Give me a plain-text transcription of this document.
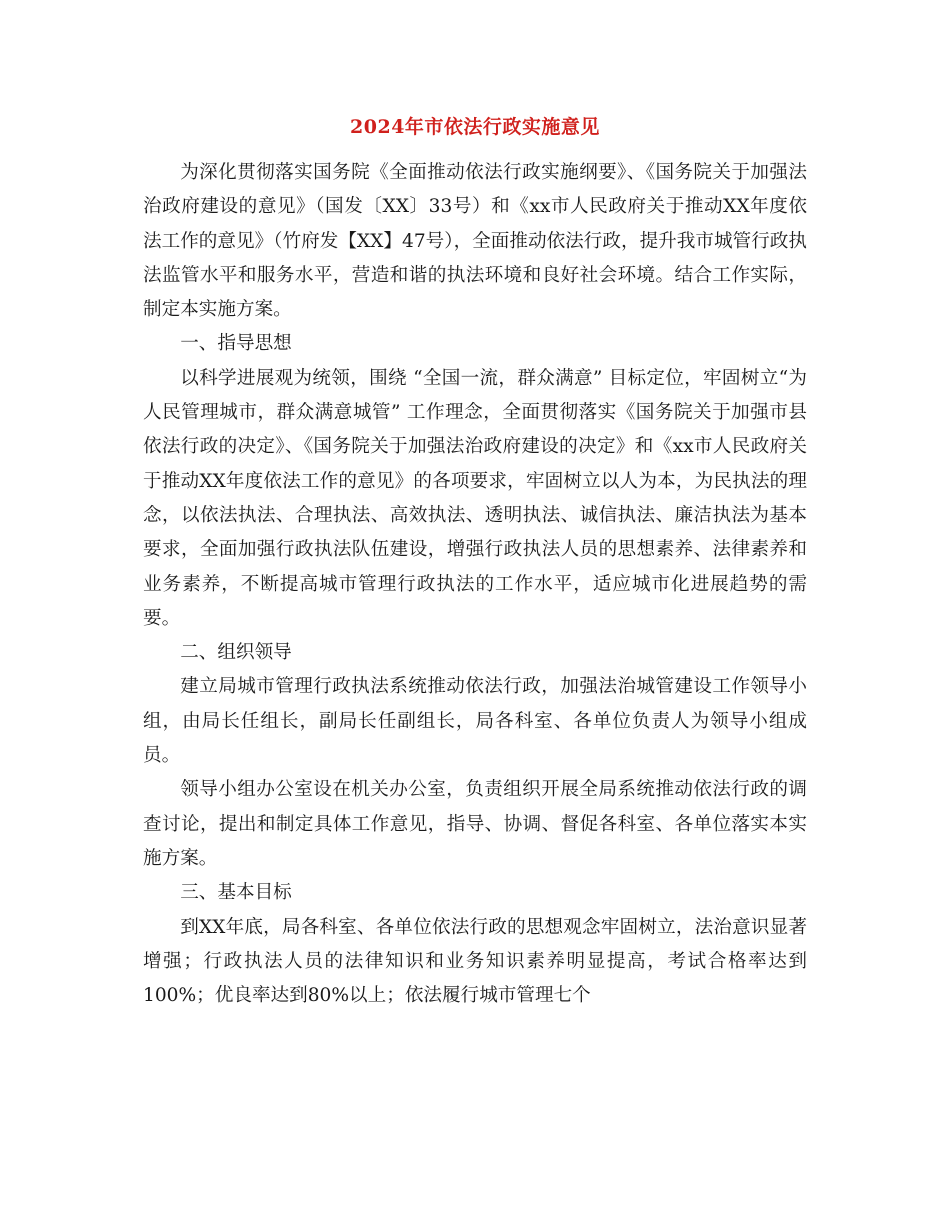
2024年市依法行政实施意见

为深化贯彻落实国务院《全面推动依法行政实施纲要》、《国务院关于加强法治政府建设的意见》（国发〔XX〕33号）和《xx市人民政府关于推动XX年度依法工作的意见》（竹府发【XX】47号），全面推动依法行政，提升我市城管行政执法监管水平和服务水平，营造和谐的执法环境和良好社会环境。结合工作实际，制定本实施方案。

一、指导思想

以科学进展观为统领，围绕 “全国一流，群众满意” 目标定位，牢固树立“为人民管理城市，群众满意城管” 工作理念，全面贯彻落实《国务院关于加强市县依法行政的决定》、《国务院关于加强法治政府建设的决定》和《xx市人民政府关于推动XX年度依法工作的意见》的各项要求，牢固树立以人为本，为民执法的理念，以依法执法、合理执法、高效执法、透明执法、诚信执法、廉洁执法为基本要求，全面加强行政执法队伍建设，增强行政执法人员的思想素养、法律素养和业务素养，不断提高城市管理行政执法的工作水平，适应城市化进展趋势的需要。

二、组织领导

建立局城市管理行政执法系统推动依法行政，加强法治城管建设工作领导小组，由局长任组长，副局长任副组长，局各科室、各单位负责人为领导小组成员。

领导小组办公室设在机关办公室，负责组织开展全局系统推动依法行政的调查讨论，提出和制定具体工作意见，指导、协调、督促各科室、各单位落实本实施方案。

三、基本目标

到XX年底，局各科室、各单位依法行政的思想观念牢固树立，法治意识显著增强；行政执法人员的法律知识和业务知识素养明显提高，考试合格率达到100%；优良率达到80%以上；依法履行城市管理七个
